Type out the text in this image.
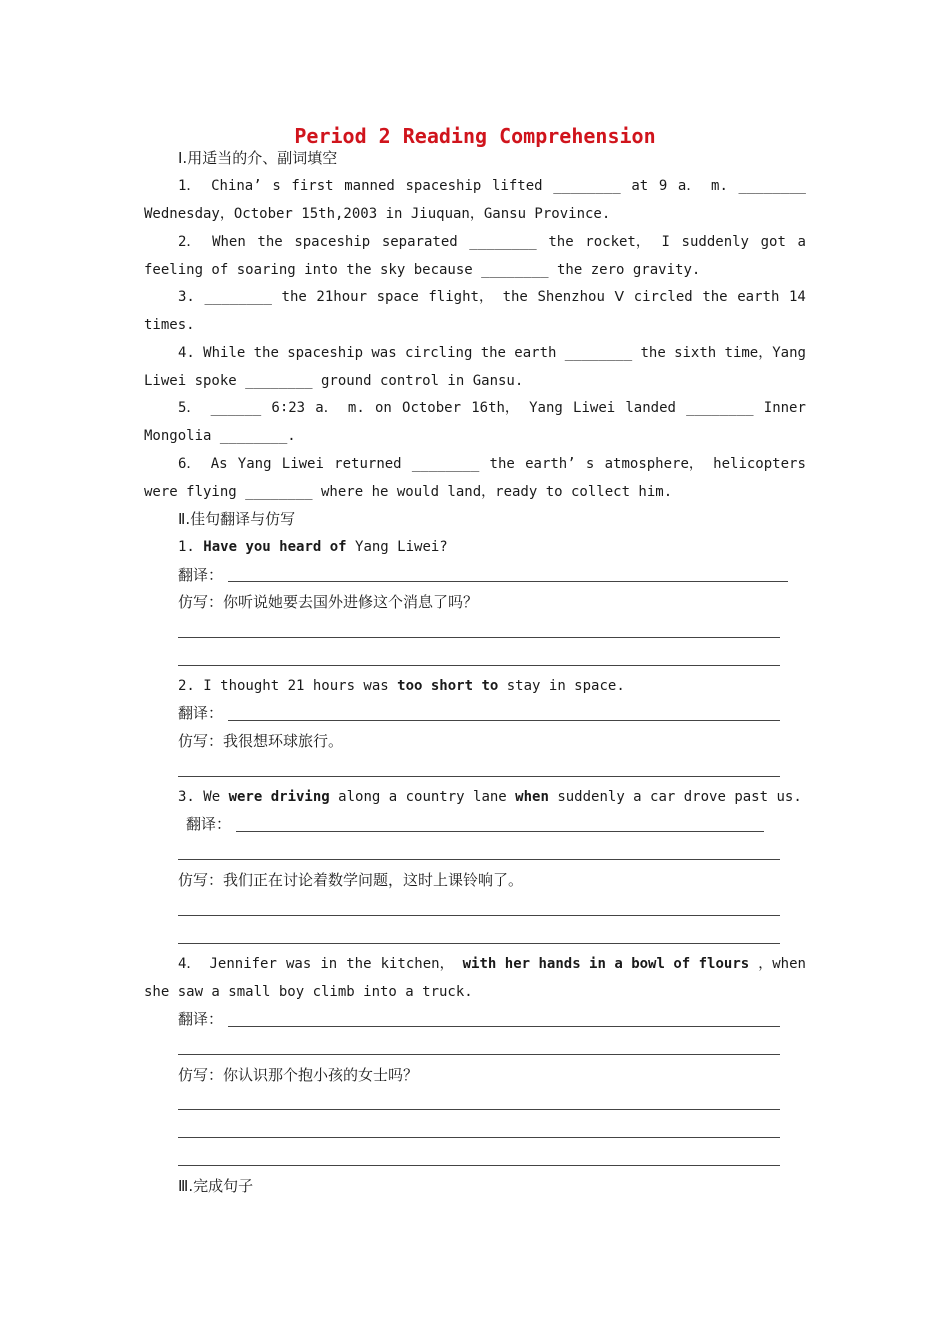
Period 2 Reading Comprehension
Ⅰ.用适当的介、副词填空
1． China’ s first manned spaceship lifted ________ at 9 a． m. ________
Wednesday，October 15th,2003 in Jiuquan，Gansu Province.
2． When the spaceship separated ________ the rocket， I suddenly got a
feeling of soaring into the sky because ________ the zero gravity.
3. ________ the 21hour space flight， the Shenzhou Ⅴ circled the earth 14
times.
4. While the spaceship was circling the earth ________ the sixth time，Yang
Liwei spoke ________ ground control in Gansu.
5． ______ 6∶23 a． m. on October 16th， Yang Liwei landed ________ Inner
Mongolia ________.
6． As Yang Liwei returned ________ the earth’ s atmosphere， helicopters
were flying ________ where he would land，ready to collect him.
Ⅱ.佳句翻译与仿写
1. Have you heard of Yang Liwei?
翻译：
仿写：你听说她要去国外进修这个消息了吗？
2. I thought 21 hours was too short to stay in space.
翻译：
仿写：我很想环球旅行。
3. We were driving along a country lane when suddenly a car drove past us.
翻译：
仿写：我们正在讨论着数学问题，这时上课铃响了。
4． Jennifer was in the kitchen， with her hands in a bowl of flours ，when
she saw a small boy climb into a truck.
翻译：
仿写：你认识那个抱小孩的女士吗？
Ⅲ.完成句子
